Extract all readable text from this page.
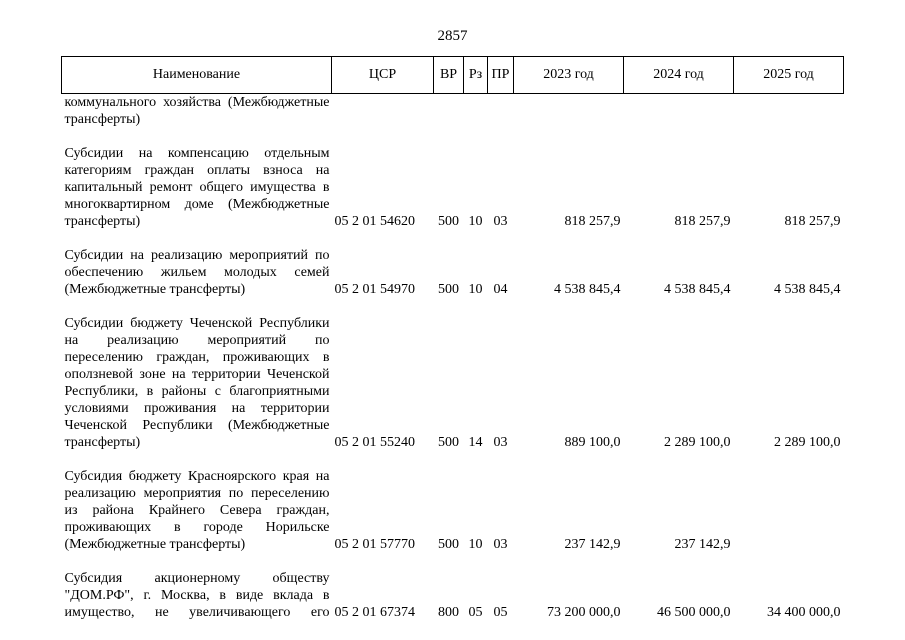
2857
Наименование	ЦСР	ВР	Рз	ПР	2023 год	2024 год	2025 год
коммунального хозяйства (Межбюджетные трансферты)							

Субсидии на компенсацию отдельным категориям граждан оплаты взноса на капитальный ремонт общего имущества в многоквартирном доме (Межбюджетные трансферты)	05 2 01 54620	500	10	03	818 257,9	818 257,9	818 257,9

Субсидии на реализацию мероприятий по обеспечению жильем молодых семей (Межбюджетные трансферты)	05 2 01 54970	500	10	04	4 538 845,4	4 538 845,4	4 538 845,4

Субсидии бюджету Чеченской Республики на реализацию мероприятий по переселению граждан, проживающих в оползневой зоне на территории Чеченской Республики, в районы с благоприятными условиями проживания на территории Чеченской Республики (Межбюджетные трансферты)	05 2 01 55240	500	14	03	889 100,0	2 289 100,0	2 289 100,0

Субсидия бюджету Красноярского края на реализацию мероприятия по переселению из района Крайнего Севера граждан, проживающих в городе Норильске (Межбюджетные трансферты)	05 2 01 57770	500	10	03	237 142,9	237 142,9	

Субсидия акционерному обществу "ДОМ.РФ", г. Москва, в виде вклада в имущество, не увеличивающего его	05 2 01 67374	800	05	05	73 200 000,0	46 500 000,0	34 400 000,0
